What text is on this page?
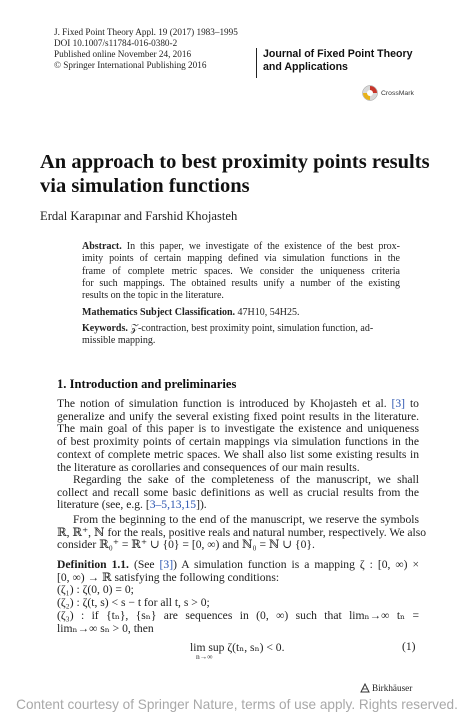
J. Fixed Point Theory Appl. 19 (2017) 1983–1995
DOI 10.1007/s11784-016-0380-2
Published online November 24, 2016
© Springer International Publishing 2016
Journal of Fixed Point Theory
and Applications
CrossMark
An approach to best proximity points results
via simulation functions
Erdal Karapınar and Farshid Khojasteh
Abstract. In this paper, we investigate of the existence of the best prox-
imity points of certain mapping defined via simulation functions in the
frame of complete metric spaces. We consider the uniqueness criteria
for such mappings. The obtained results unify a number of the existing
results on the topic in the literature.
Mathematics Subject Classification. 47H10, 54H25.
Keywords. 𝒵-contraction, best proximity point, simulation function, ad-
missible mapping.
1. Introduction and preliminaries
The notion of simulation function is introduced by Khojasteh et al. [3] to
generalize and unify the several existing fixed point results in the literature.
The main goal of this paper is to investigate the existence and uniqueness
of best proximity points of certain mappings via simulation functions in the
context of complete metric spaces. We shall also list some existing results in
the literature as corollaries and consequences of our main results.
Regarding the sake of the completeness of the manuscript, we shall
collect and recall some basic definitions as well as crucial results from the
literature (see, e.g. [3–5,13,15]).
From the beginning to the end of the manuscript, we reserve the symbols
ℝ, ℝ⁺, ℕ for the reals, positive reals and natural number, respectively. We also
consider ℝ₀⁺ = ℝ⁺ ∪ {0} = [0, ∞) and ℕ₀ = ℕ ∪ {0}.
Definition 1.1. (See [3]) A simulation function is a mapping ζ : [0, ∞) ×
[0, ∞) → ℝ satisfying the following conditions:
(ζ₁) : ζ(0, 0) = 0;
(ζ₂) : ζ(t, s) < s − t for all t, s > 0;
(ζ₃) : if {tₙ}, {sₙ} are sequences in (0, ∞) such that limₙ→∞ tₙ =
limₙ→∞ sₙ > 0, then
lim sup ζ(tₙ, sₙ) < 0.
n→∞
(1)
Birkhäuser
Content courtesy of Springer Nature, terms of use apply. Rights reserved.
